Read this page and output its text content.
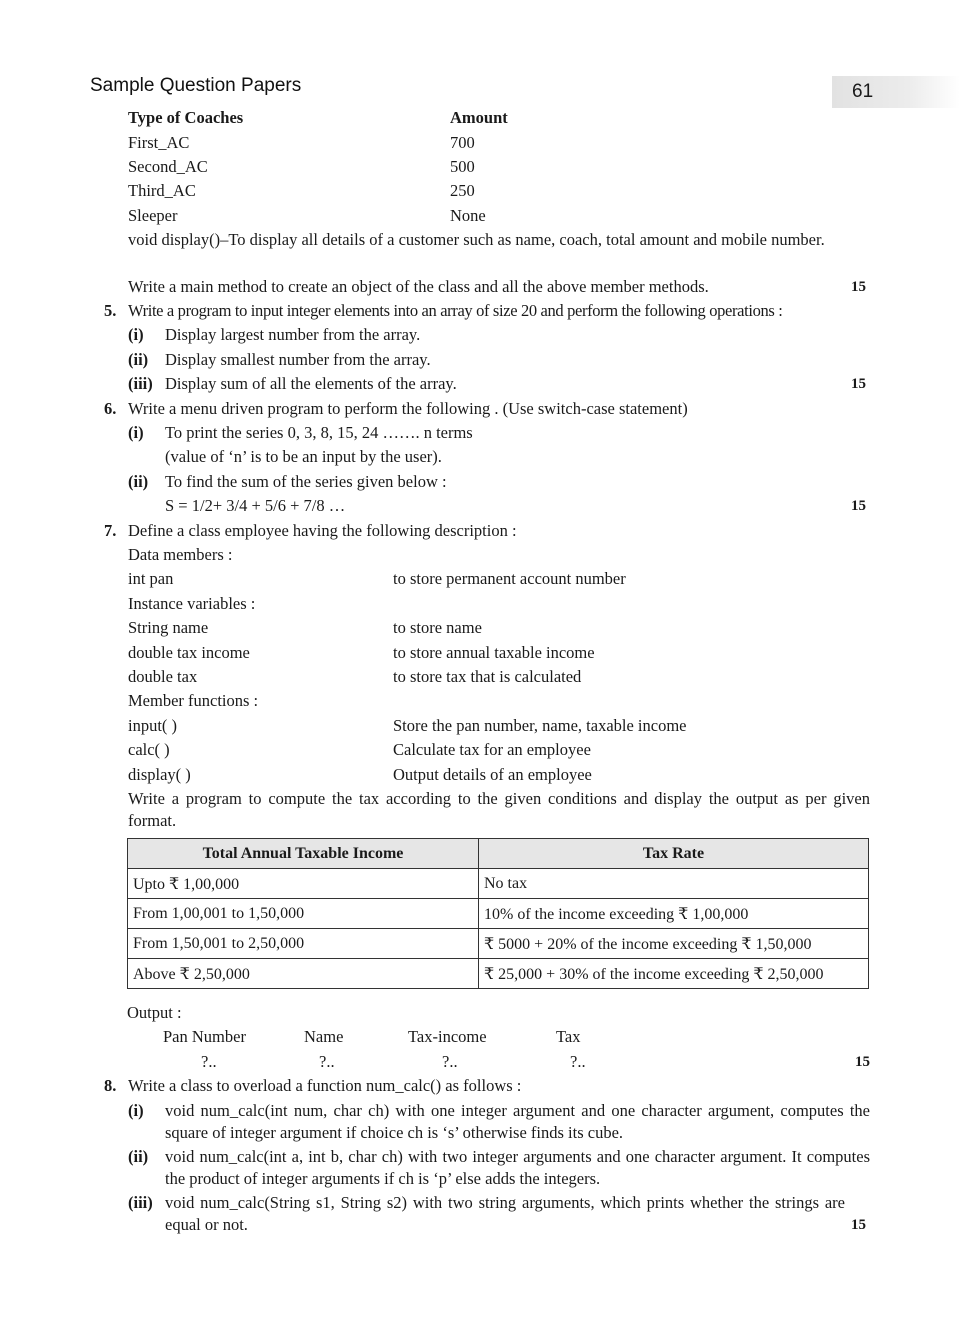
Sample Question Papers	61
Type of Coaches	Amount
First_AC	700
Second_AC	500
Third_AC	250
Sleeper	None
void display()–To display all details of a customer such as name, coach, total amount and mobile number.
Write a main method to create an object of the class and all the above member methods.	15
5. Write a program to input integer elements into an array of size 20 and perform the following operations :
(i) Display largest number from the array.
(ii) Display smallest number from the array.
(iii) Display sum of all the elements of the array.	15
6. Write a menu driven program to perform the following . (Use switch-case statement)
(i) To print the series 0, 3, 8, 15, 24 ……. n terms
(value of ‘n’ is to be an input by the user).
(ii) To find the sum of the series given below :
S = 1/2+ 3/4 + 5/6 + 7/8 …	15
7. Define a class employee having the following description :
Data members :
int pan	to store permanent account number
Instance variables :
String name	to store name
double tax income	to store annual taxable income
double tax	to store tax that is calculated
Member functions :
input( )	Store the pan number, name, taxable income
calc( )	Calculate tax for an employee
display( )	Output details of an employee
Write a program to compute the tax according to the given conditions and display the output as per given format.
Total Annual Taxable Income	Tax Rate
Upto ₹ 1,00,000	No tax
From 1,00,001 to 1,50,000	10% of the income exceeding ₹ 1,00,000
From 1,50,001 to 2,50,000	₹ 5000 + 20% of the income exceeding ₹ 1,50,000
Above ₹ 2,50,000	₹ 25,000 + 30% of the income exceeding ₹ 2,50,000
Output :
Pan Number	Name	Tax-income	Tax
?..	?..	?..	?..	15
8. Write a class to overload a function num_calc() as follows :
(i) void num_calc(int num, char ch) with one integer argument and one character argument, computes the square of integer argument if choice ch is ‘s’ otherwise finds its cube.
(ii) void num_calc(int a, int b, char ch) with two integer arguments and one character argument. It computes the product of integer arguments if ch is ‘p’ else adds the integers.
(iii) void num_calc(String s1, String s2) with two string arguments, which prints whether the strings are equal or not.	15
